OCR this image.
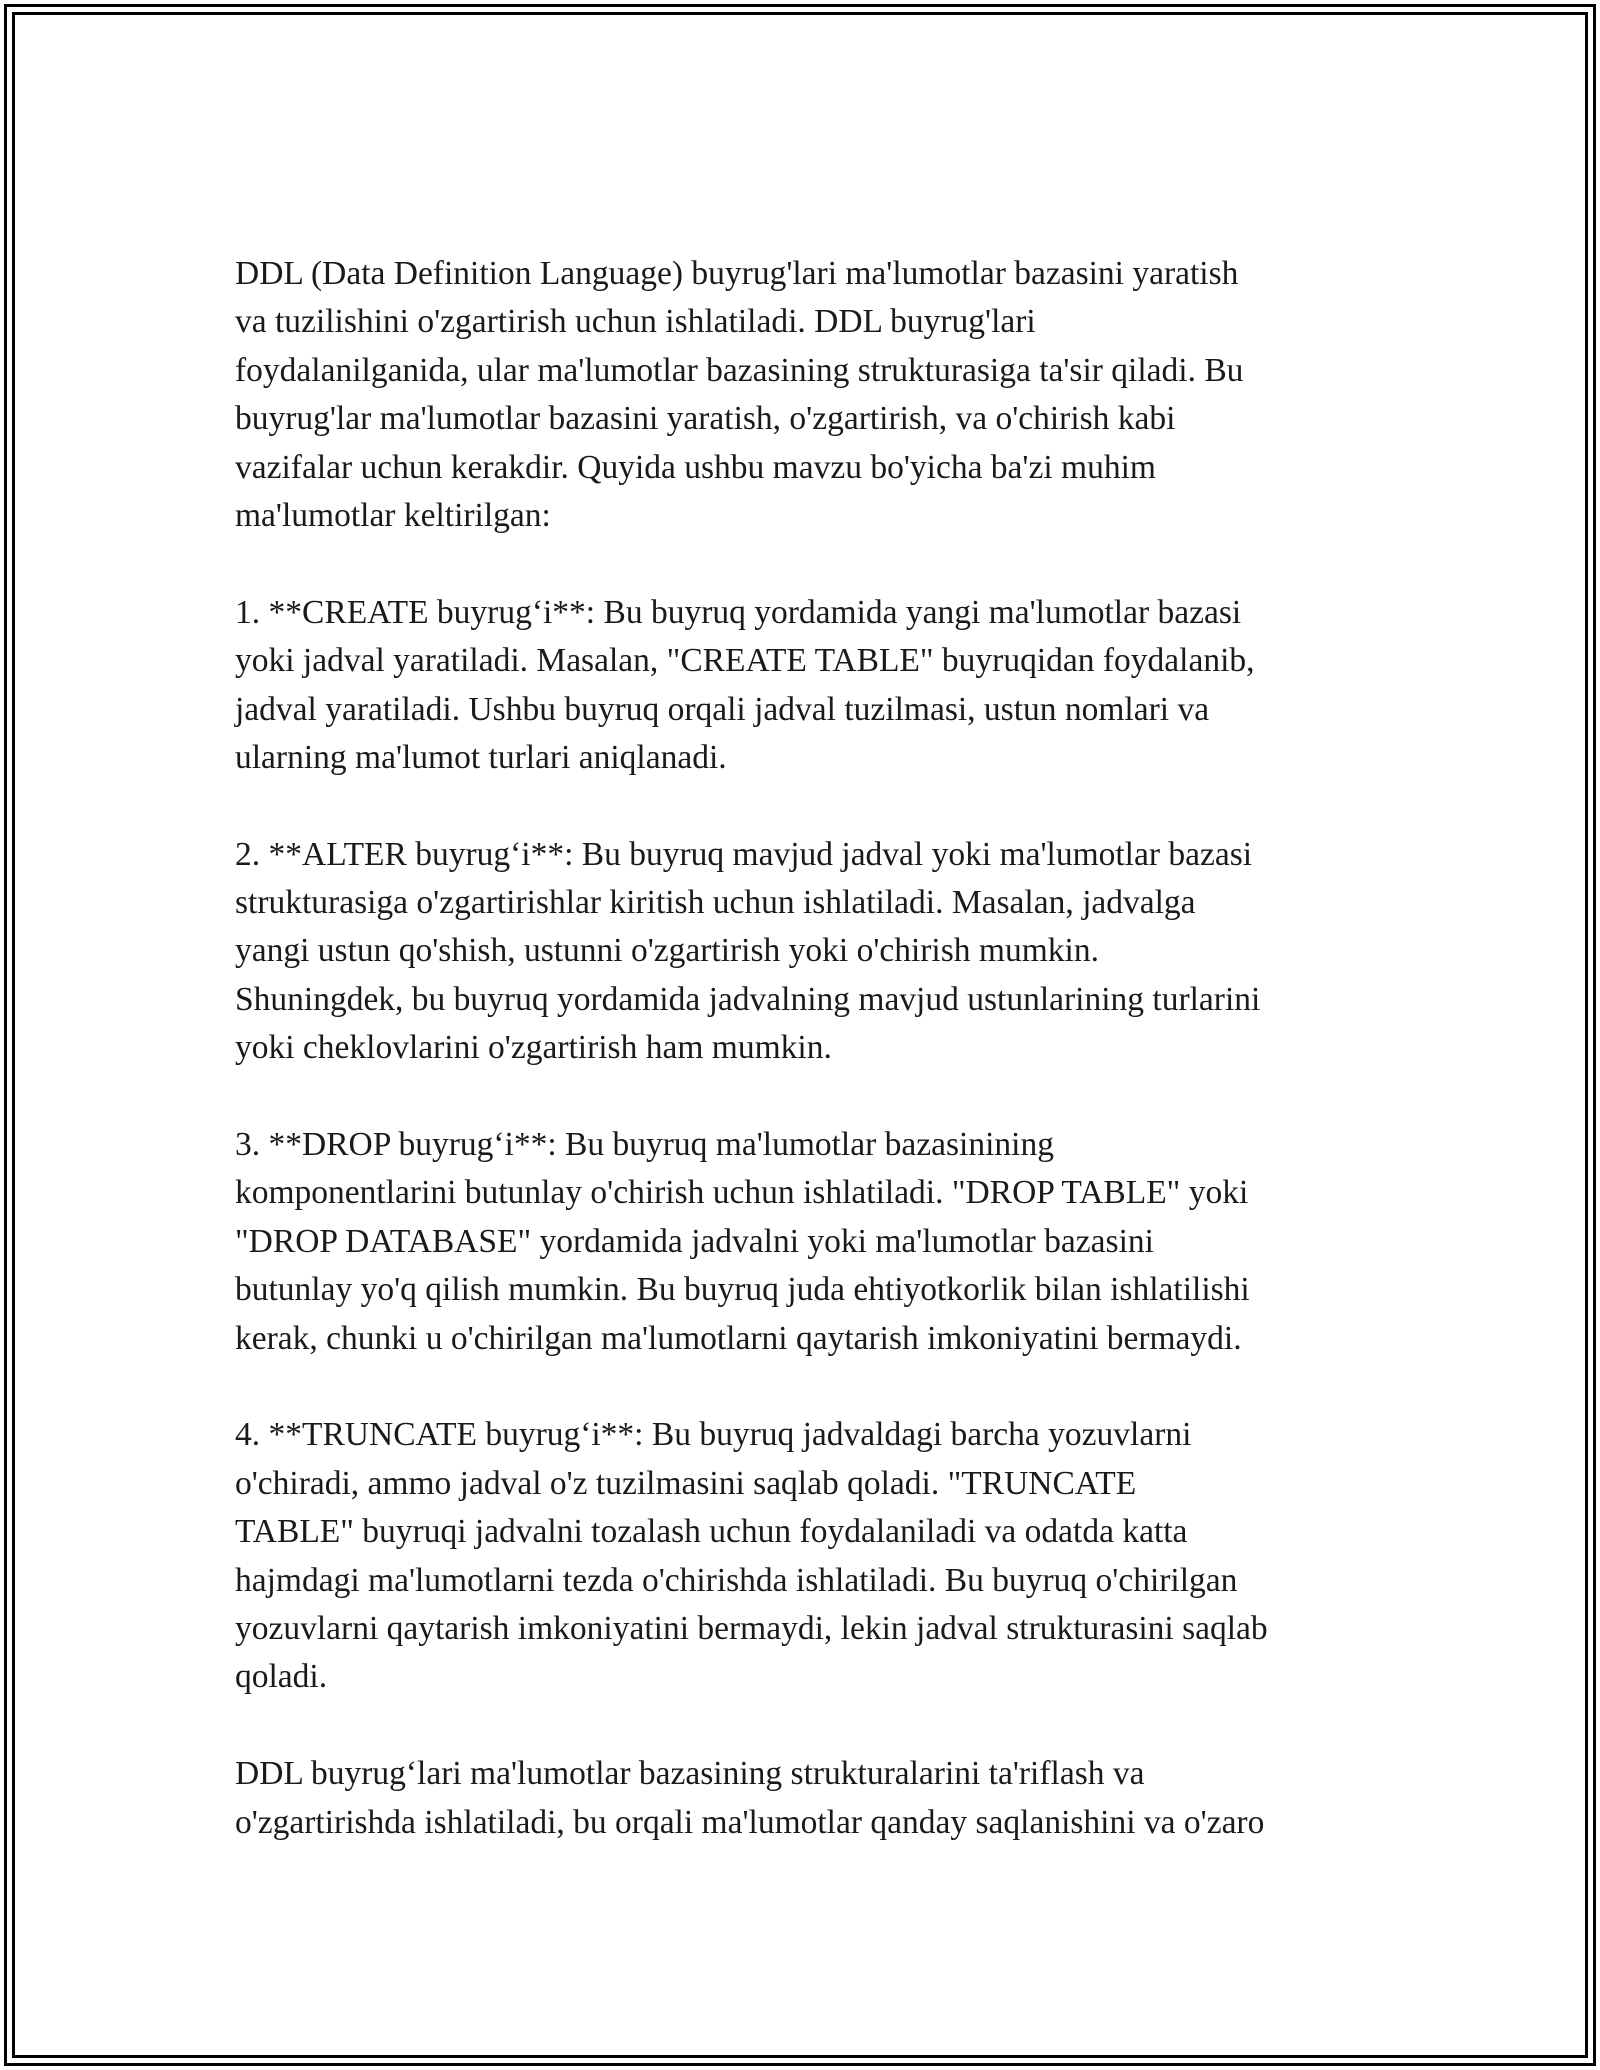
DDL (Data Definition Language) buyrug'lari ma'lumotlar bazasini yaratish
va tuzilishini o'zgartirish uchun ishlatiladi. DDL buyrug'lari
foydalanilganida, ular ma'lumotlar bazasining strukturasiga ta'sir qiladi. Bu
buyrug'lar ma'lumotlar bazasini yaratish, o'zgartirish, va o'chirish kabi
vazifalar uchun kerakdir. Quyida ushbu mavzu bo'yicha ba'zi muhim
ma'lumotlar keltirilgan:
1. **CREATE buyrug‘i**: Bu buyruq yordamida yangi ma'lumotlar bazasi
yoki jadval yaratiladi. Masalan, "CREATE TABLE" buyruqidan foydalanib,
jadval yaratiladi. Ushbu buyruq orqali jadval tuzilmasi, ustun nomlari va
ularning ma'lumot turlari aniqlanadi.
2. **ALTER buyrug‘i**: Bu buyruq mavjud jadval yoki ma'lumotlar bazasi
strukturasiga o'zgartirishlar kiritish uchun ishlatiladi. Masalan, jadvalga
yangi ustun qo'shish, ustunni o'zgartirish yoki o'chirish mumkin.
Shuningdek, bu buyruq yordamida jadvalning mavjud ustunlarining turlarini
yoki cheklovlarini o'zgartirish ham mumkin.
3. **DROP buyrug‘i**: Bu buyruq ma'lumotlar bazasinining
komponentlarini butunlay o'chirish uchun ishlatiladi. "DROP TABLE" yoki
"DROP DATABASE" yordamida jadvalni yoki ma'lumotlar bazasini
butunlay yo'q qilish mumkin. Bu buyruq juda ehtiyotkorlik bilan ishlatilishi
kerak, chunki u o'chirilgan ma'lumotlarni qaytarish imkoniyatini bermaydi.
4. **TRUNCATE buyrug‘i**: Bu buyruq jadvaldagi barcha yozuvlarni
o'chiradi, ammo jadval o'z tuzilmasini saqlab qoladi. "TRUNCATE
TABLE" buyruqi jadvalni tozalash uchun foydalaniladi va odatda katta
hajmdagi ma'lumotlarni tezda o'chirishda ishlatiladi. Bu buyruq o'chirilgan
yozuvlarni qaytarish imkoniyatini bermaydi, lekin jadval strukturasini saqlab
qoladi.
DDL buyrug‘lari ma'lumotlar bazasining strukturalarini ta'riflash va
o'zgartirishda ishlatiladi, bu orqali ma'lumotlar qanday saqlanishini va o'zaro
